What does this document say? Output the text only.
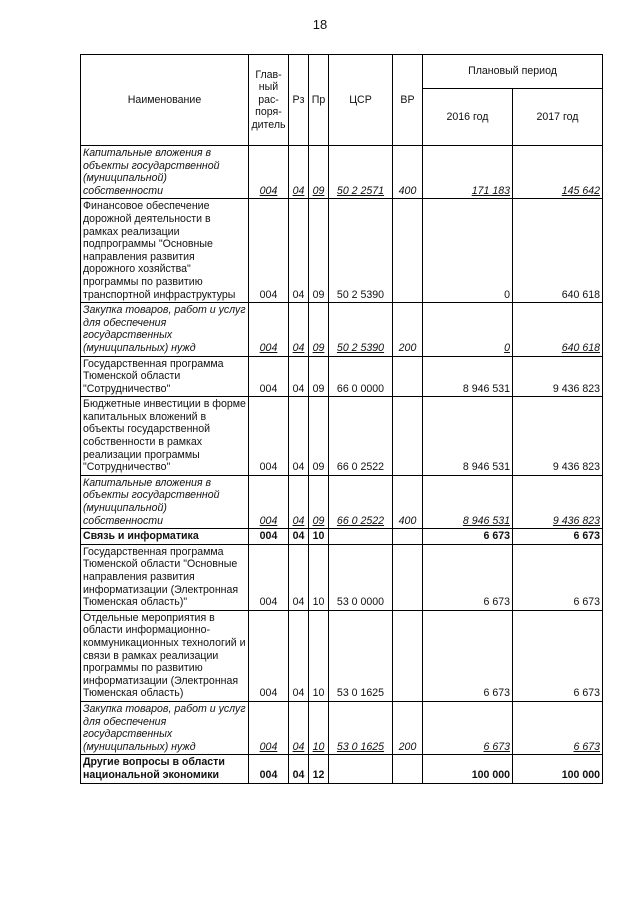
18
Наименование	Глав-
ный
рас-
поря-
дитель	Рз	Пр	ЦСР	ВР	Плановый период	
						2016 год	2017 год
Капитальные вложения в объекты государственной (муниципальной) собственности	004	04	09	50 2 2571	400	171 183	145 642
Финансовое обеспечение дорожной деятельности в рамках реализации подпрограммы "Основные направления развития дорожного хозяйства" программы по развитию транспортной инфраструктуры	004	04	09	50 2 5390		0	640 618
Закупка товаров, работ и услуг для обеспечения государственных (муниципальных) нужд	004	04	09	50 2 5390	200	0	640 618
Государственная программа Тюменской области "Сотрудничество"	004	04	09	66 0 0000		8 946 531	9 436 823
Бюджетные инвестиции в форме капитальных вложений в объекты государственной собственности в рамках реализации программы "Сотрудничество"	004	04	09	66 0 2522		8 946 531	9 436 823
Капитальные вложения в объекты государственной (муниципальной) собственности	004	04	09	66 0 2522	400	8 946 531	9 436 823
Связь и информатика	004	04	10			6 673	6 673
Государственная программа Тюменской области "Основные направления развития информатизации (Электронная Тюменская область)"	004	04	10	53 0 0000		6 673	6 673
Отдельные мероприятия в области информационно-коммуникационных технологий и связи в рамках реализации программы по развитию информатизации (Электронная Тюменская область)	004	04	10	53 0 1625		6 673	6 673
Закупка товаров, работ и услуг для обеспечения государственных (муниципальных) нужд	004	04	10	53 0 1625	200	6 673	6 673
Другие вопросы в области национальной экономики	004	04	12			100 000	100 000
